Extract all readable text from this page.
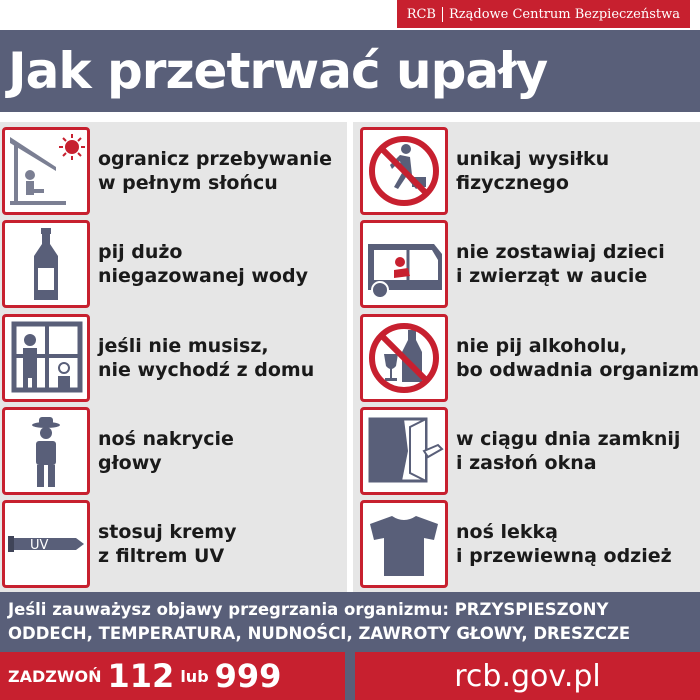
RCB	Rządowe Centrum Bezpieczeństwa
Jak przetrwać upały
ogranicz przebywanie
w pełnym słońcu
pij dużo
niegazowanej wody
jeśli nie musisz,
nie wychodź z domu
noś nakrycie
głowy
UV
stosuj kremy
z filtrem UV
unikaj wysiłku
fizycznego
nie zostawiaj dzieci
i zwierząt w aucie
nie pij alkoholu,
bo odwadnia organizm
w ciągu dnia zamknij
i zasłoń okna
noś lekką
i przewiewną odzież
Jeśli zauważysz objawy przegrzania organizmu: PRZYSPIESZONY
ODDECH, TEMPERATURA, NUDNOŚCI, ZAWROTY GŁOWY, DRESZCZE
ZADZWOŃ 112 lub 999	rcb.gov.pl
